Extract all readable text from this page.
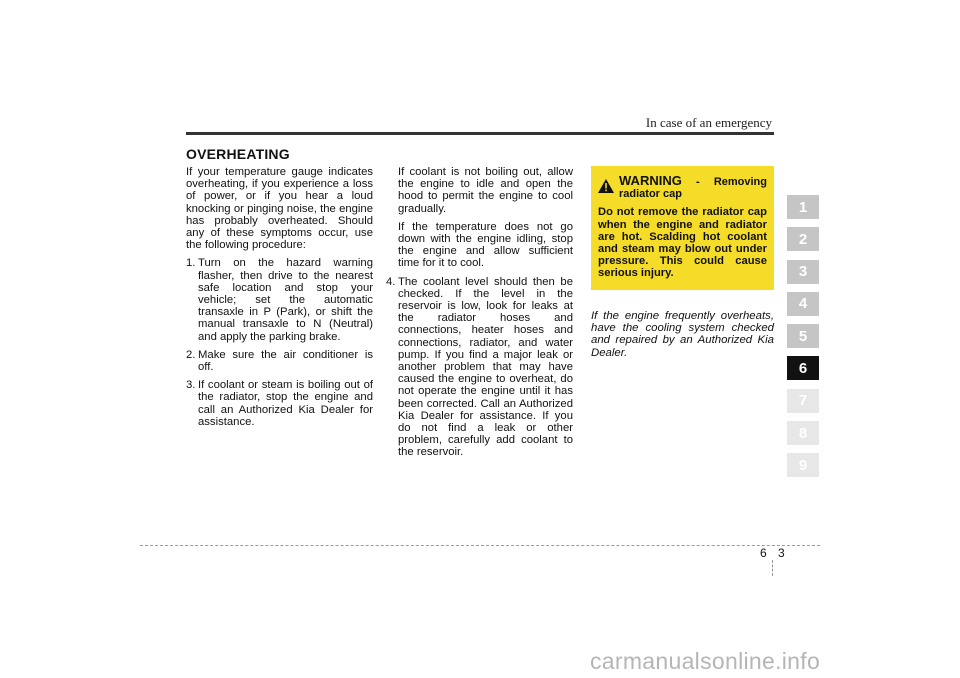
In case of an emergency
OVERHEATING

If your temperature gauge indicates overheating, if you experience a loss of power, or if you hear a loud knocking or pinging noise, the engine has probably overheated. Should any of these symptoms occur, use the following procedure:

1. Turn on the hazard warning flasher, then drive to the nearest safe location and stop your vehicle; set the automatic transaxle in P (Park), or shift the manual transaxle to N (Neutral) and apply the parking brake.
2. Make sure the air conditioner is off.
3. If coolant or steam is boiling out of the radiator, stop the engine and call an Authorized Kia Dealer for assistance.

If coolant is not boiling out, allow the engine to idle and open the hood to permit the engine to cool gradually.

If the temperature does not go down with the engine idling, stop the engine and allow sufficient time for it to cool.

4. The coolant level should then be checked. If the level in the reservoir is low, look for leaks at the radiator hoses and connections, heater hoses and connections, radiator, and water pump. If you find a major leak or another problem that may have caused the engine to overheat, do not operate the engine until it has been corrected. Call an Authorized Kia Dealer for assistance. If you do not find a leak or other problem, carefully add coolant to the reservoir.
WARNING - Removing radiator cap
Do not remove the radiator cap when the engine and radiator are hot. Scalding hot coolant and steam may blow out under pressure. This could cause serious injury.
If the engine frequently overheats, have the cooling system checked and repaired by an Authorized Kia Dealer.
1
2
3
4
5
6
7
8
9
6 3
carmanualsonline.info
